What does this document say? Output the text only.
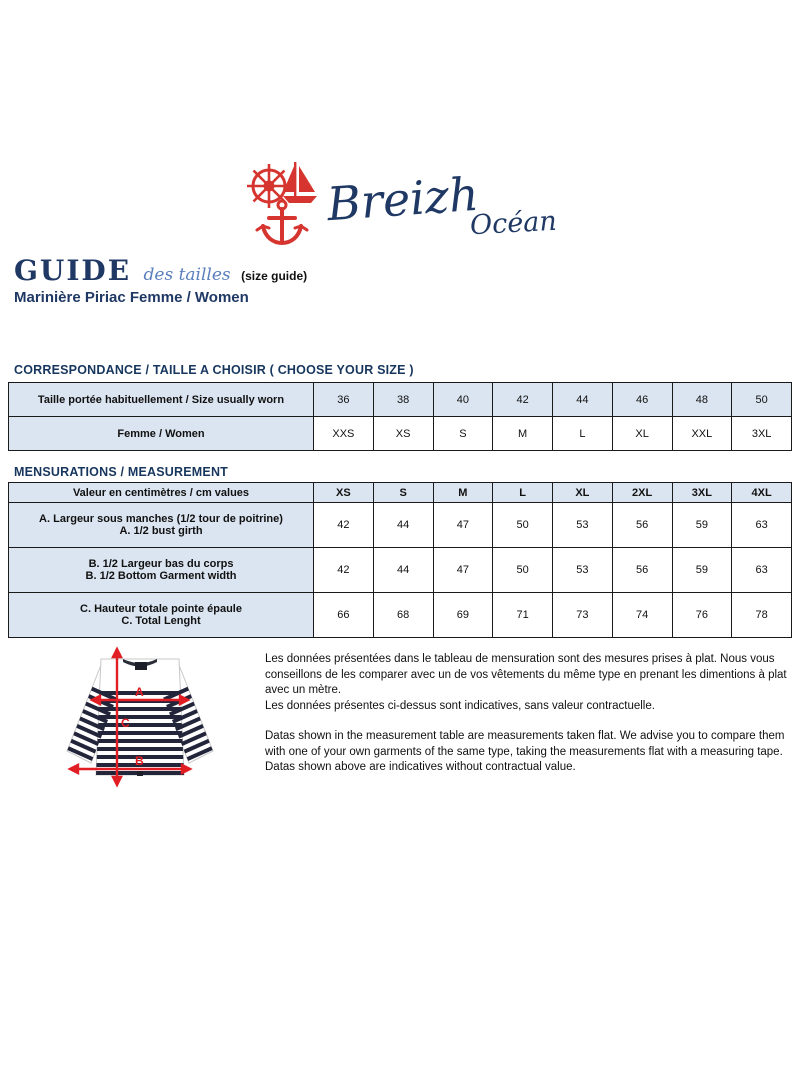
Breizh
Océan
GUIDE des tailles (size guide)
Marinière Piriac Femme / Women
CORRESPONDANCE / TAILLE A CHOISIR ( CHOOSE YOUR SIZE )
Taille portée habituellement / Size usually worn	36	38	40	42	44	46	48	50
Femme / Women	XXS	XS	S	M	L	XL	XXL	3XL
MENSURATIONS / MEASUREMENT
Valeur en centimètres / cm values	XS	S	M	L	XL	2XL	3XL	4XL

A. Largeur sous manches (1/2 tour de poitrine)
A. 1/2 bust girth	42	44	47	50	53	56	59	63

B. 1/2 Largeur bas du corps
B. 1/2 Bottom Garment width	42	44	47	50	53	56	59	63

C. Hauteur totale pointe épaule
C. Total Lenght	66	68	69	71	73	74	76	78
A
C
B
Les données présentées dans le tableau de mensuration sont des mesures prises à plat. Nous vous conseillons de les comparer avec un de vos vêtements du même type en prenant les dimentions à plat avec un mètre.
Les données présentes ci-dessus sont indicatives, sans valeur contractuelle.
Datas shown in the measurement table are measurements taken flat. We advise you to compare them with one of your own garments of the same type, taking the measurements flat with a measuring tape.
Datas shown above are indicatives without contractual value.
